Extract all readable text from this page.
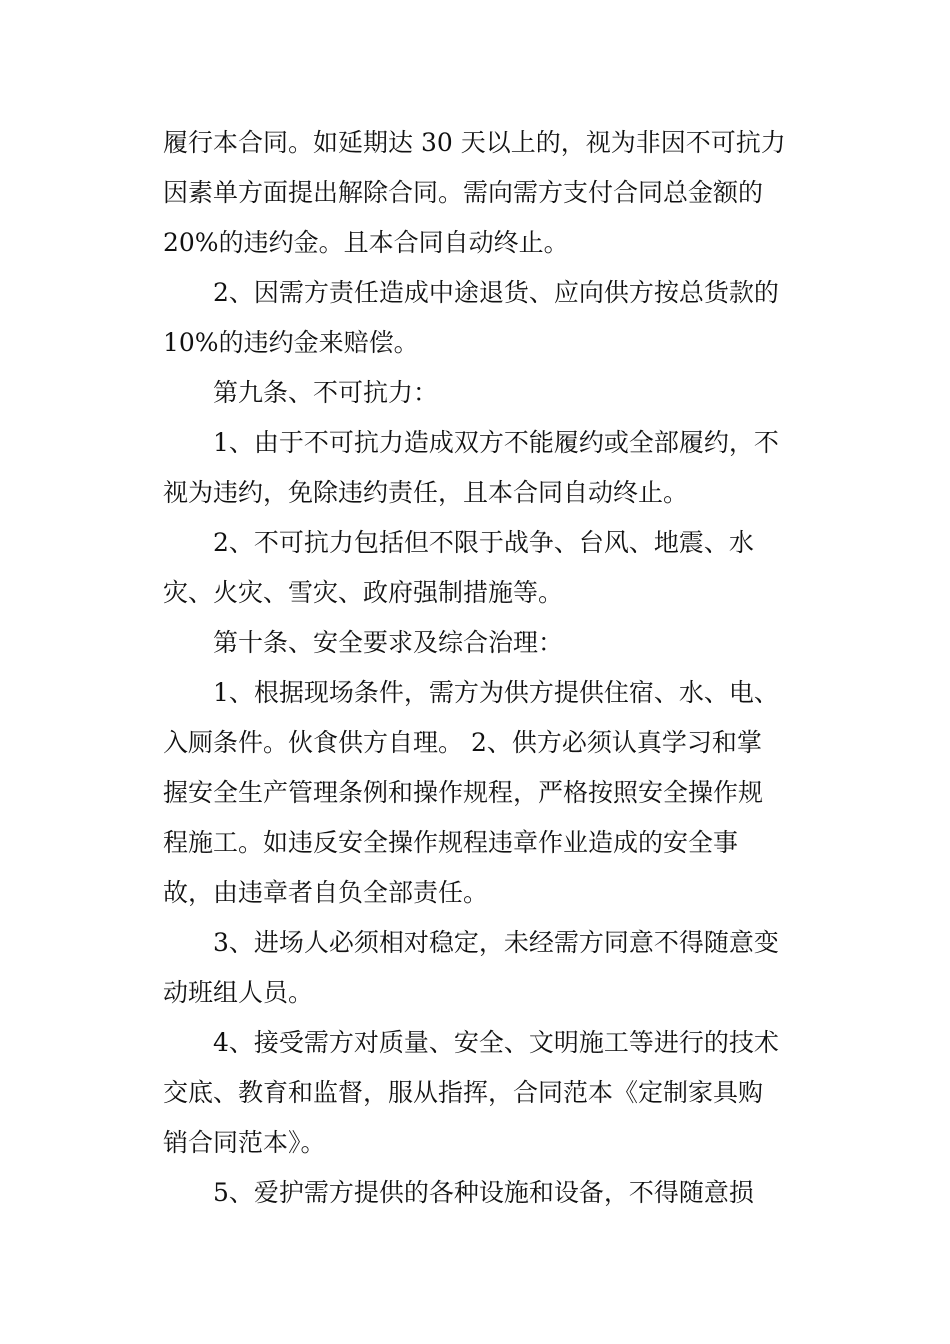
履行本合同。如延期达 30 天以上的，视为非因不可抗力
因素单方面提出解除合同。需向需方支付合同总金额的
20%的违约金。且本合同自动终止。
2、因需方责任造成中途退货、应向供方按总货款的
10%的违约金来赔偿。
第九条、不可抗力：
1、由于不可抗力造成双方不能履约或全部履约，不
视为违约，免除违约责任，且本合同自动终止。
2、不可抗力包括但不限于战争、台风、地震、水
灾、火灾、雪灾、政府强制措施等。
第十条、安全要求及综合治理：
1、根据现场条件，需方为供方提供住宿、水、电、
入厕条件。伙食供方自理。 2、供方必须认真学习和掌
握安全生产管理条例和操作规程，严格按照安全操作规
程施工。如违反安全操作规程违章作业造成的安全事
故，由违章者自负全部责任。
3、进场人必须相对稳定，未经需方同意不得随意变
动班组人员。
4、接受需方对质量、安全、文明施工等进行的技术
交底、教育和监督，服从指挥，合同范本《定制家具购
销合同范本》。
5、爱护需方提供的各种设施和设备，不得随意损
